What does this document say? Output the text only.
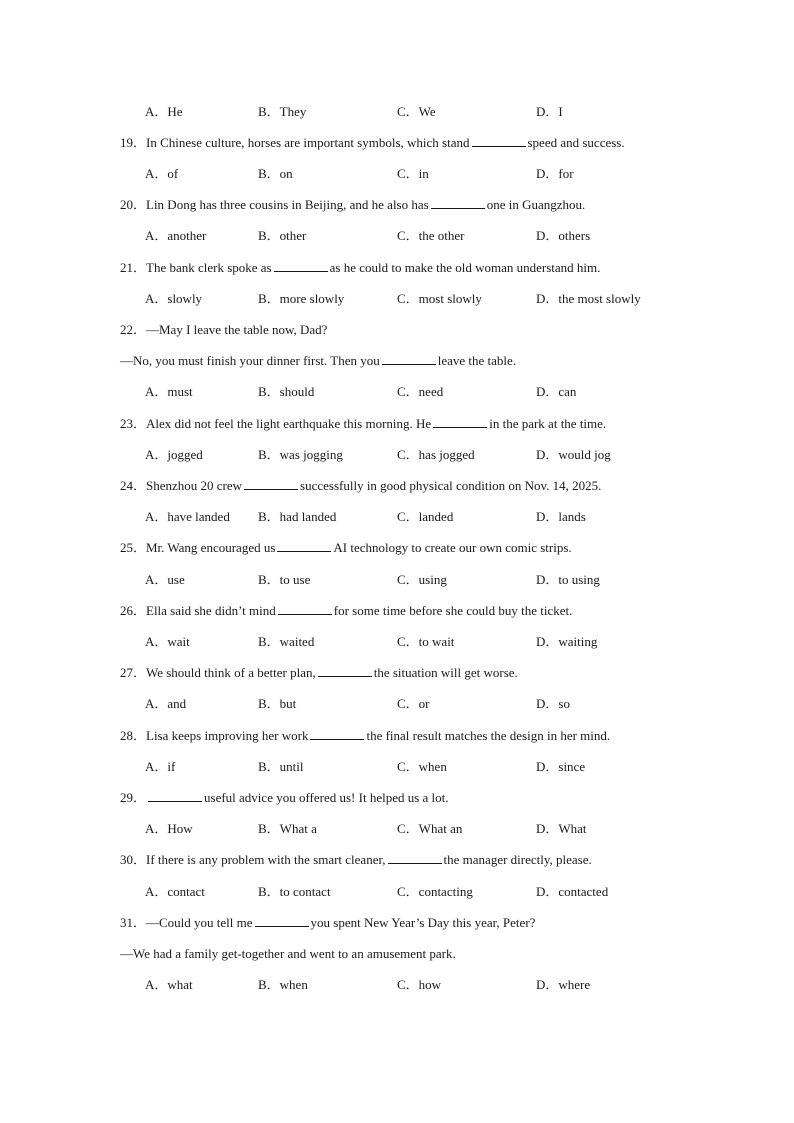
A．He	B．They	C．We	D．I
19．In Chinese culture, horses are important symbols, which stand	speed and success.
A．of	B．on	C．in	D．for
20．Lin Dong has three cousins in Beijing, and he also has	one in Guangzhou.
A．another	B．other	C．the other	D．others
21．The bank clerk spoke as	as he could to make the old woman understand him.
A．slowly	B．more slowly	C．most slowly	D．the most slowly
22．—May I leave the table now, Dad?
—No, you must finish your dinner first. Then you	leave the table.
A．must	B．should	C．need	D．can
23．Alex did not feel the light earthquake this morning. He	in the park at the time.
A．jogged	B．was jogging	C．has jogged	D．would jog
24．Shenzhou 20 crew	successfully in good physical condition on Nov. 14, 2025.
A．have landed B．had landed	C．landed	D．lands
25．Mr. Wang encouraged us	AI technology to create our own comic strips.
A．use	B．to use	C．using	D．to using
26．Ella said she didn’t mind	for some time before she could buy the ticket.
A．wait	B．waited	C．to wait	D．waiting
27．We should think of a better plan,	the situation will get worse.
A．and	B．but	C．or	D．so
28．Lisa keeps improving her work	the final result matches the design in her mind.
A．if	B．until	C．when	D．since
29．	useful advice you offered us! It helped us a lot.
A．How	B．What a	C．What an	D．What
30．If there is any problem with the smart cleaner,	the manager directly, please.
A．contact	B．to contact	C．contacting	D．contacted
31．—Could you tell me	you spent New Year’s Day this year, Peter?
—We had a family get-together and went to an amusement park.
A．what	B．when	C．how	D．where
